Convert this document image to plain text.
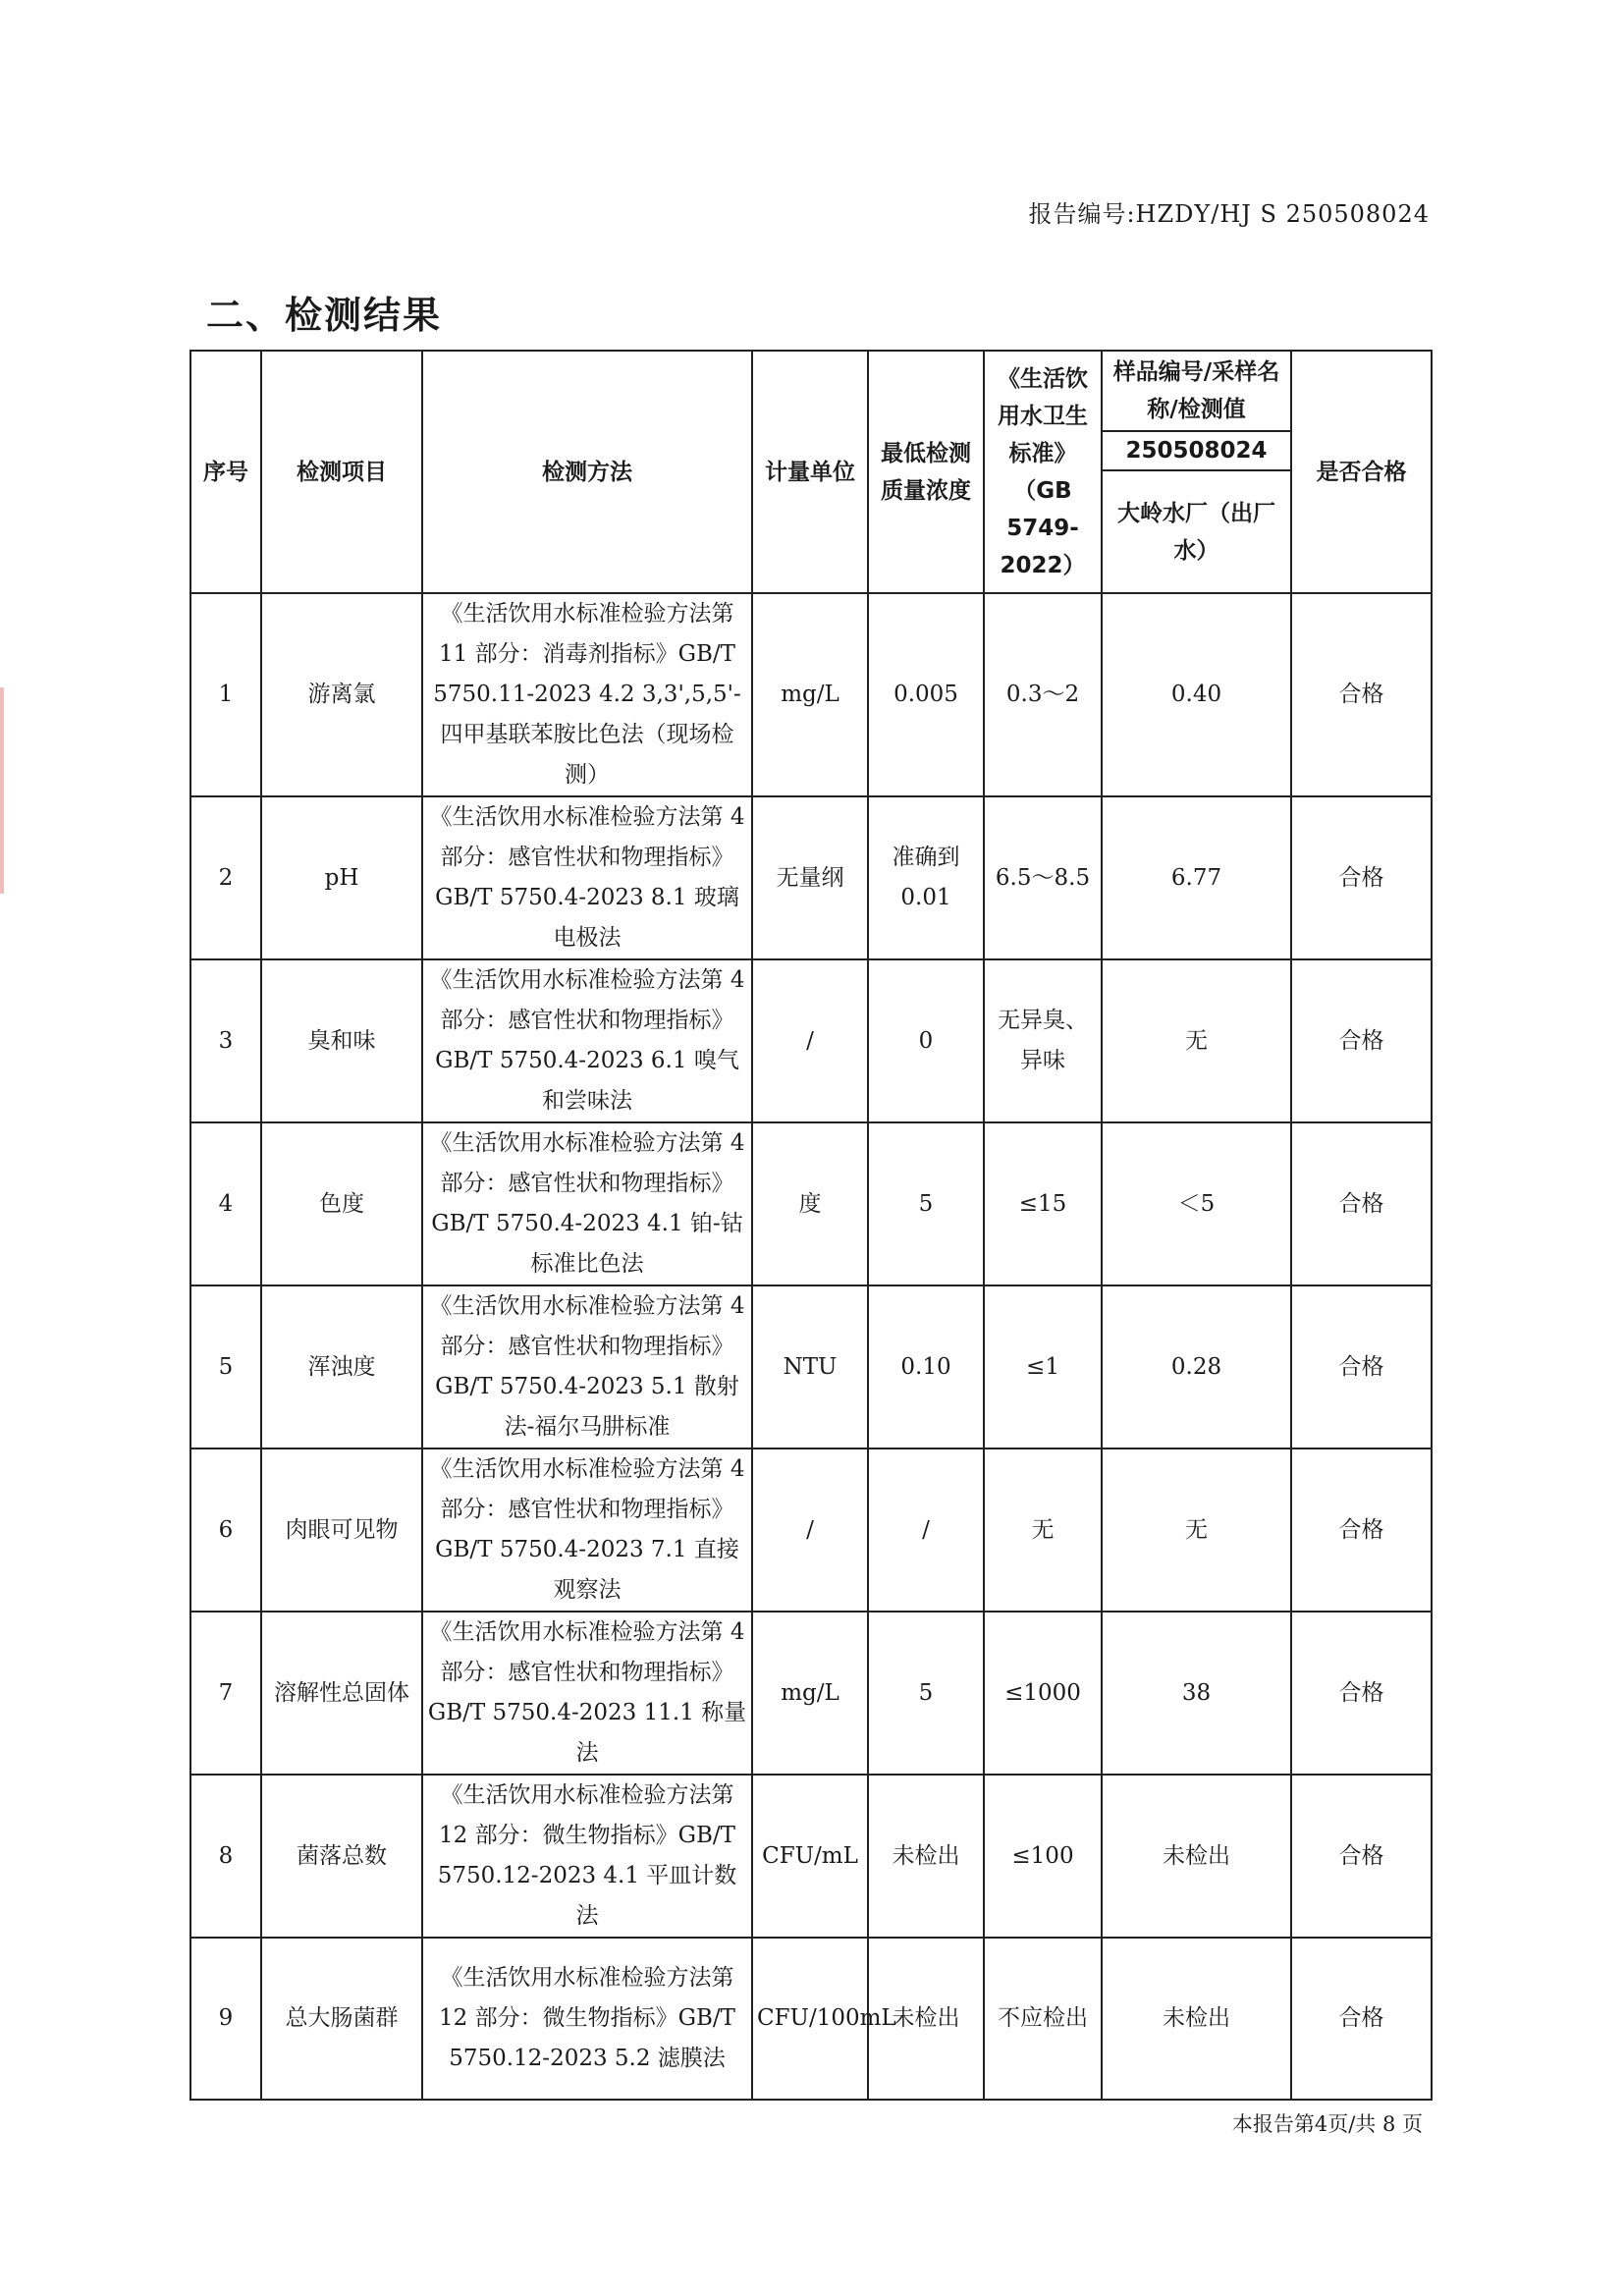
报告编号:HZDY/HJ S 250508024
二、检测结果
序号	检测项目	检测方法	计量单位	最低检测质量浓度	《生活饮用水卫生标准》（GB 5749-2022）	样品编号/采样名称/检测值	是否合格
						250508024	
						大岭水厂（出厂水）	
1	游离氯	《生活饮用水标准检验方法第 11 部分：消毒剂指标》GB/T 5750.11-2023 4.2 3,3',5,5'-四甲基联苯胺比色法（现场检测）	mg/L	0.005	0.3～2	0.40	合格
2	pH	《生活饮用水标准检验方法第 4 部分：感官性状和物理指标》GB/T 5750.4-2023 8.1 玻璃电极法	无量纲	准确到0.01	6.5～8.5	6.77	合格
3	臭和味	《生活饮用水标准检验方法第 4 部分：感官性状和物理指标》GB/T 5750.4-2023 6.1 嗅气和尝味法	/	0	无异臭、异味	无	合格
4	色度	《生活饮用水标准检验方法第 4 部分：感官性状和物理指标》GB/T 5750.4-2023 4.1 铂-钴标准比色法	度	5	≤15	＜5	合格
5	浑浊度	《生活饮用水标准检验方法第 4 部分：感官性状和物理指标》GB/T 5750.4-2023 5.1 散射法-福尔马肼标准	NTU	0.10	≤1	0.28	合格
6	肉眼可见物	《生活饮用水标准检验方法第 4 部分：感官性状和物理指标》GB/T 5750.4-2023 7.1 直接观察法	/	/	无	无	合格
7	溶解性总固体	《生活饮用水标准检验方法第 4 部分：感官性状和物理指标》GB/T 5750.4-2023 11.1 称量法	mg/L	5	≤1000	38	合格
8	菌落总数	《生活饮用水标准检验方法第 12 部分：微生物指标》GB/T 5750.12-2023 4.1 平皿计数法	CFU/mL	未检出	≤100	未检出	合格
9	总大肠菌群	《生活饮用水标准检验方法第 12 部分：微生物指标》GB/T 5750.12-2023 5.2 滤膜法	CFU/100mL	未检出	不应检出	未检出	合格
本报告第4页/共 8 页
